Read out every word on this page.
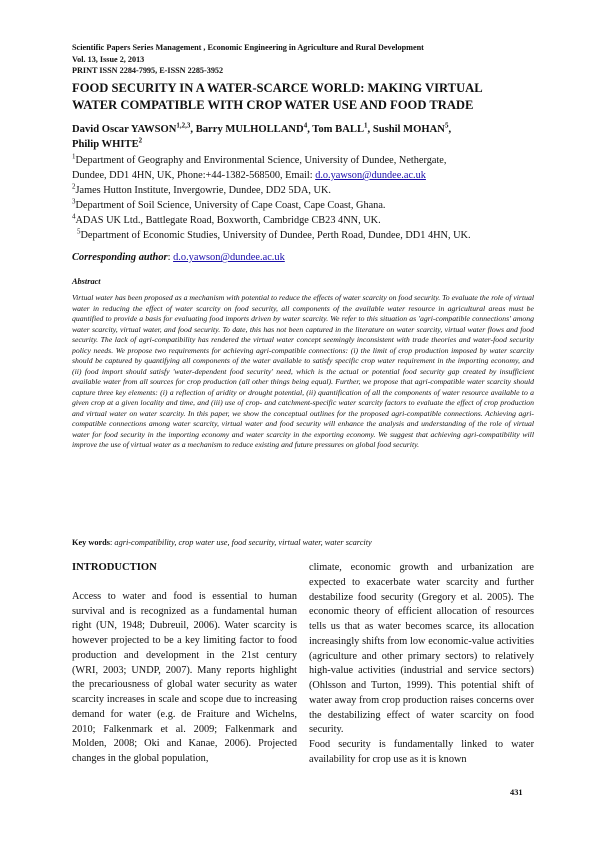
Scientific Papers Series Management , Economic Engineering in Agriculture and Rural Development
Vol. 13, Issue 2, 2013
PRINT ISSN 2284-7995, E-ISSN 2285-3952
FOOD SECURITY IN A WATER-SCARCE WORLD: MAKING VIRTUAL WATER COMPATIBLE WITH CROP WATER USE AND FOOD TRADE
David Oscar YAWSON$^{1,2,3}$, Barry MULHOLLAND$^4$, Tom BALL$^1$, Sushil MOHAN$^5$,
Philip WHITE$^2$
$^1$Department of Geography and Environmental Science, University of Dundee, Nethergate,
Dundee, DD1 4HN, UK, Phone:+44-1382-568500, Email: d.o.yawson@dundee.ac.uk
$^2$James Hutton Institute, Invergowrie, Dundee, DD2 5DA, UK.
$^3$Department of Soil Science, University of Cape Coast, Cape Coast, Ghana.
$^4$ADAS UK Ltd., Battlegate Road, Boxworth, Cambridge CB23 4NN, UK.
$^5$Department of Economic Studies, University of Dundee, Perth Road, Dundee, DD1 4HN, UK.
Corresponding author: d.o.yawson@dundee.ac.uk
Abstract
Virtual water has been proposed as a mechanism with potential to reduce the effects of water scarcity on food security. To evaluate the role of virtual water in reducing the effect of water scarcity on food security, all components of the available water resource in agricultural areas must be quantified to provide a basis for evaluating food imports driven by water scarcity. We refer to this situation as 'agri-compatible connections' among water scarcity, virtual water, and food security. To date, this has not been captured in the literature on water scarcity, virtual water flows and food security. The lack of agri-compatibility has rendered the virtual water concept seemingly inconsistent with trade theories and water-food security policy needs. We propose two requirements for achieving agri-compatible connections: (i) the limit of crop production imposed by water scarcity should be captured by quantifying all components of the water available to satisfy specific crop water requirement in the importing economy, and (ii) food import should satisfy 'water-dependent food security' need, which is the actual or potential food security gap created by insufficient available water from all sources for crop production (all other things being equal). Further, we propose that agri-compatible water scarcity should capture three key elements: (i) a reflection of aridity or drought potential, (ii) quantification of all the components of water resource available to a given crop at a given locality and time, and (iii) use of crop- and catchment-specific water scarcity factors to evaluate the effect of crop production and virtual water on water scarcity. In this paper, we show the conceptual outlines for the proposed agri-compatible connections. Achieving agri-compatible connections among water scarcity, virtual water and food security will enhance the analysis and understanding of the role of virtual water for food security in the importing economy and water scarcity in the exporting economy. We suggest that achieving agri-compatibility will improve the use of virtual water as a mechanism to reduce existing and future pressures on global food security.
Key words: agri-compatibility, crop water use, food security, virtual water, water scarcity

INTRODUCTION

Access to water and food is essential to human survival and is recognized as a fundamental human right (UN, 1948; Dubreuil, 2006). Water scarcity is however projected to be a key limiting factor to food production and development in the 21st century (WRI, 2003; UNDP, 2007). Many reports highlight the precariousness of global water security as water scarcity increases in scale and scope due to increasing demand for water (e.g. de Fraiture and Wichelns, 2010; Falkenmark et al. 2009; Falkenmark and Molden, 2008; Oki and Kanae, 2006). Projected changes in the global population,

climate, economic growth and urbanization are expected to exacerbate water scarcity and further destabilize food security (Gregory et al. 2005). The economic theory of efficient allocation of resources tells us that as water becomes scarce, its allocation increasingly shifts from low economic-value activities (agriculture and other primary sectors) to relatively high-value activities (industrial and service sectors) (Ohlsson and Turton, 1999). This potential shift of water away from crop production raises concerns over the destabilizing effect of water scarcity on food security.

Food security is fundamentally linked to water availability for crop use as it is known

431
